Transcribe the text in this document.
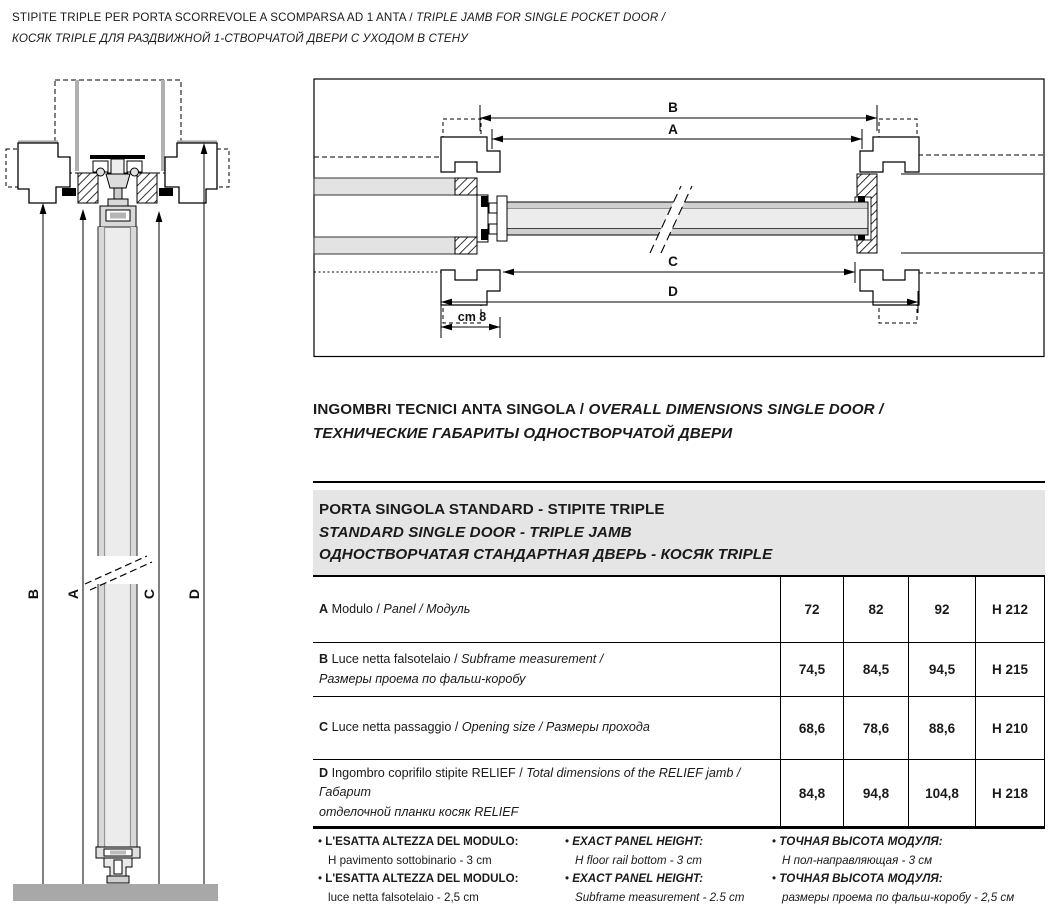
STIPITE TRIPLE PER PORTA SCORREVOLE A SCOMPARSA AD 1 ANTA / TRIPLE JAMB FOR SINGLE POCKET DOOR /
КОСЯК TRIPLE ДЛЯ РАЗДВИЖНОЙ 1-СТВОРЧАТОЙ ДВЕРИ С УХОДОМ В СТЕНУ
B A	C D
B
A
C
D
cm 8
INGOMBRI TECNICI ANTA SINGOLA / OVERALL DIMENSIONS SINGLE DOOR /
ТЕХНИЧЕСКИЕ ГАБАРИТЫ ОДНОСТВОРЧАТОЙ ДВЕРИ
PORTA SINGOLA STANDARD - STIPITE TRIPLE
STANDARD SINGLE DOOR - TRIPLE JAMB
ОДНОСТВОРЧАТАЯ СТАНДАРТНАЯ ДВЕРЬ - КОСЯК TRIPLE
A Modulo / Panel / Модуль	72	82	92	H 212
B Luce netta falsotelaio / Subframe measurement /
Размеры проема по фальш-коробу
74,5	84,5	94,5	H 215
C Luce netta passaggio / Opening size / Размеры прохода	68,6	78,6	88,6	H 210
D Ingombro coprifilo stipite RELIEF / Total dimensions of the RELIEF jamb / Габарит
отделочной планки косяк RELIEF
84,8	94,8	104,8	H 218
• L'ESATTA ALTEZZA DEL MODULO:
H pavimento sottobinario - 3 cm
• L'ESATTA ALTEZZA DEL MODULO:
luce netta falsotelaio - 2,5 cm
• EXACT PANEL HEIGHT:
H floor rail bottom - 3 cm
• EXACT PANEL HEIGHT:
Subframe measurement - 2.5 cm
• ТОЧНАЯ ВЫСОТА МОДУЛЯ:
Н пол-направляющая - 3 см
• ТОЧНАЯ ВЫСОТА МОДУЛЯ:
размеры проема по фальш-коробу - 2,5 см
